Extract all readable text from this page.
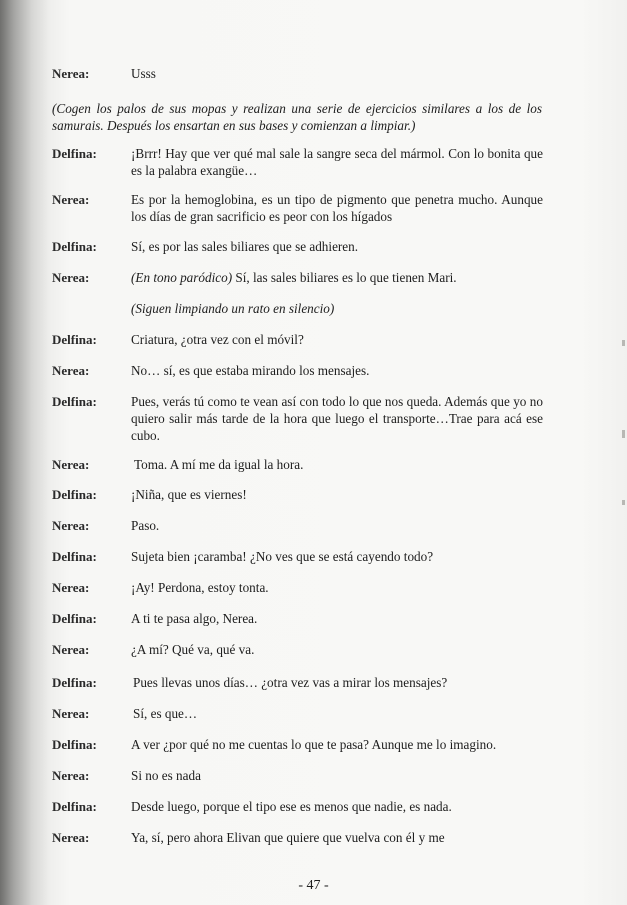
Nerea:	Usss
(Cogen los palos de sus mopas y realizan una serie de ejercicios similares a los de los samurais. Después los ensartan en sus bases y comienzan a limpiar.)
Delfina:	¡Brrr! Hay que ver qué mal sale la sangre seca del mármol. Con lo bonita que es la palabra exangüe…
Nerea:	Es por la hemoglobina, es un tipo de pigmento que penetra mucho. Aunque los días de gran sacrificio es peor con los hígados
Delfina:	Sí, es por las sales biliares que se adhieren.
Nerea:	(En tono paródico) Sí, las sales biliares es lo que tienen Mari.
(Siguen limpiando un rato en silencio)
Delfina:	Criatura, ¿otra vez con el móvil?
Nerea:	No… sí, es que estaba mirando los mensajes.
Delfina:	Pues, verás tú como te vean así con todo lo que nos queda. Además que yo no quiero salir más tarde de la hora que luego el transporte…Trae para acá ese cubo.
Nerea:	Toma. A mí me da igual la hora.
Delfina:	¡Niña, que es viernes!
Nerea:	Paso.
Delfina:	Sujeta bien ¡caramba! ¿No ves que se está cayendo todo?
Nerea:	¡Ay! Perdona, estoy tonta.
Delfina:	A ti te pasa algo, Nerea.
Nerea:	¿A mí? Qué va, qué va.
Delfina:	Pues llevas unos días… ¿otra vez vas a mirar los mensajes?
Nerea:	Sí, es que…
Delfina:	A ver ¿por qué no me cuentas lo que te pasa? Aunque me lo imagino.
Nerea:	Si no es nada
Delfina:	Desde luego, porque el tipo ese es menos que nadie, es nada.
Nerea:	Ya, sí, pero ahora Elivan que quiere que vuelva con él y me
- 47 -
